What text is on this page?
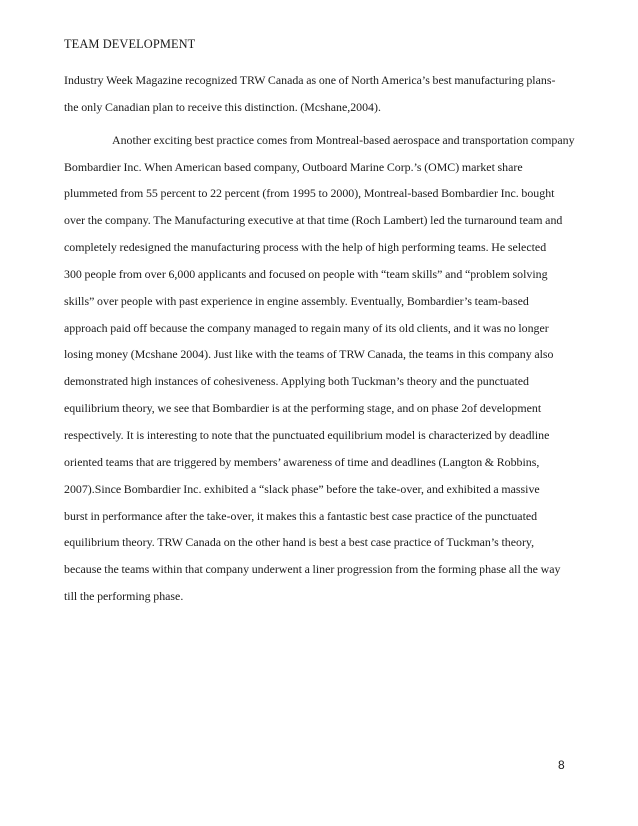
TEAM DEVELOPMENT
Industry Week Magazine recognized TRW Canada as one of North America’s best manufacturing plans-
the only Canadian plan to receive this distinction. (Mcshane,2004).
Another exciting best practice comes from Montreal-based aerospace and transportation company
Bombardier Inc. When American based company, Outboard Marine Corp.’s (OMC) market share
plummeted from 55 percent to 22 percent (from 1995 to 2000), Montreal-based Bombardier Inc. bought
over the company. The Manufacturing executive at that time (Roch Lambert) led the turnaround team and
completely redesigned the manufacturing process with the help of high performing teams. He selected
300 people from over 6,000 applicants and focused on people with “team skills” and “problem solving
skills” over people with past experience in engine assembly. Eventually, Bombardier’s team-based
approach paid off because the company managed to regain many of its old clients, and it was no longer
losing money (Mcshane 2004). Just like with the teams of TRW Canada, the teams in this company also
demonstrated high instances of cohesiveness. Applying both Tuckman’s theory and the punctuated
equilibrium theory, we see that Bombardier is at the performing stage, and on phase 2of development
respectively. It is interesting to note that the punctuated equilibrium model is characterized by deadline
oriented teams that are triggered by members’ awareness of time and deadlines (Langton & Robbins,
2007).Since Bombardier Inc. exhibited a “slack phase” before the take-over, and exhibited a massive
burst in performance after the take-over, it makes this a fantastic best case practice of the punctuated
equilibrium theory. TRW Canada on the other hand is best a best case practice of Tuckman’s theory,
because the teams within that company underwent a liner progression from the forming phase all the way
till the performing phase.
8
